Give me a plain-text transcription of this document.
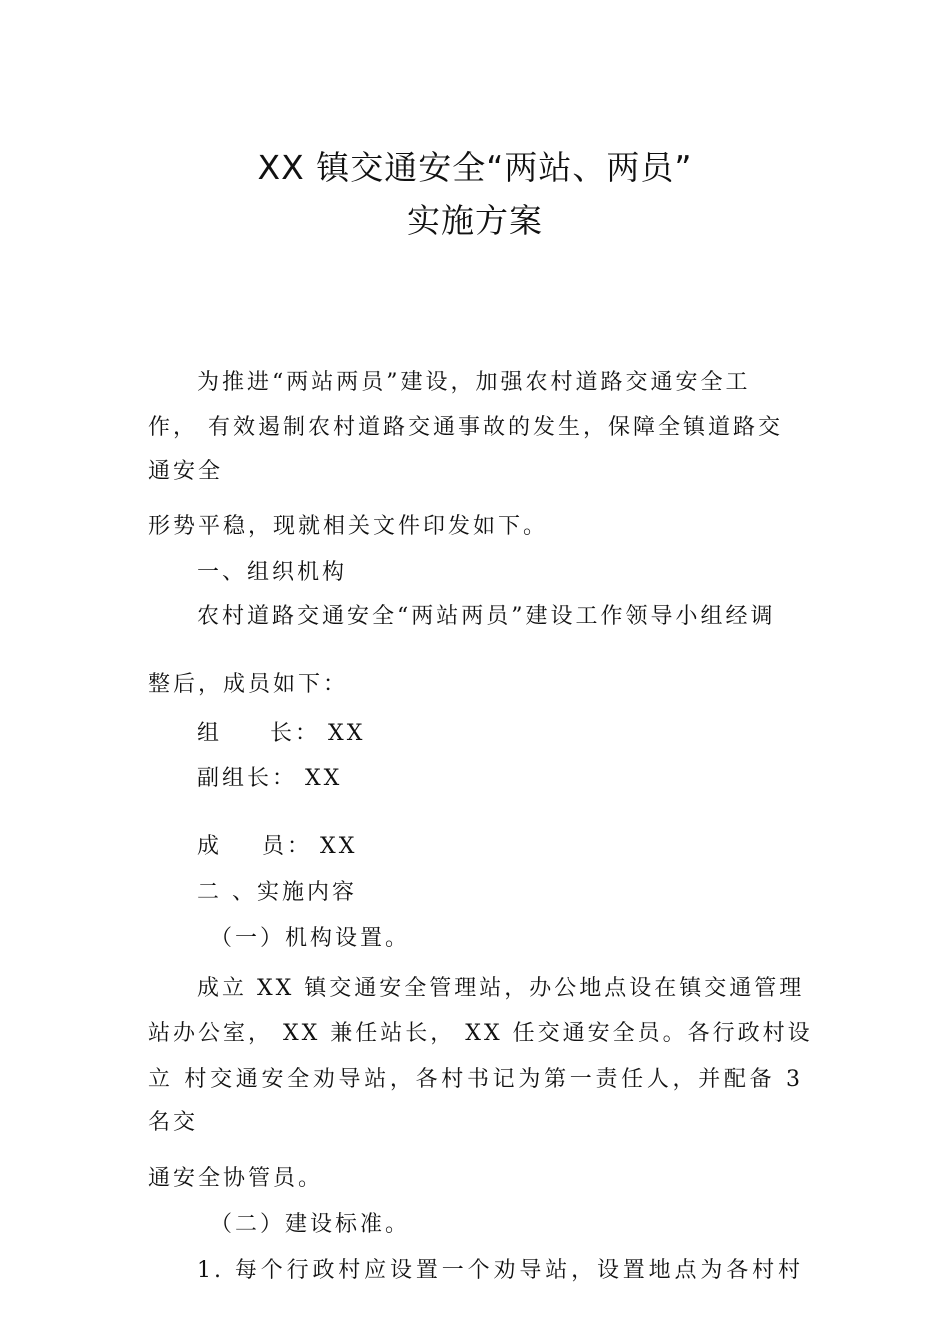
XX 镇交通安全“两站、两员”
实施方案
为推进“两站两员”建设，加强农村道路交通安全工
作， 有效遏制农村道路交通事故的发生，保障全镇道路交
通安全
形势平稳，现就相关文件印发如下。
一、组织机构
农村道路交通安全“两站两员”建设工作领导小组经调
整后，成员如下：
组 长： XX
副组长： XX
成 员： XX
二 、实施内容
（一）机构设置。
成立 XX 镇交通安全管理站，办公地点设在镇交通管理
站办公室， XX 兼任站长， XX 任交通安全员。各行政村设
立 村交通安全劝导站，各村书记为第一责任人，并配备 3
名交
通安全协管员。
（二）建设标准。
1. 每个行政村应设置一个劝导站，设置地点为各村村
